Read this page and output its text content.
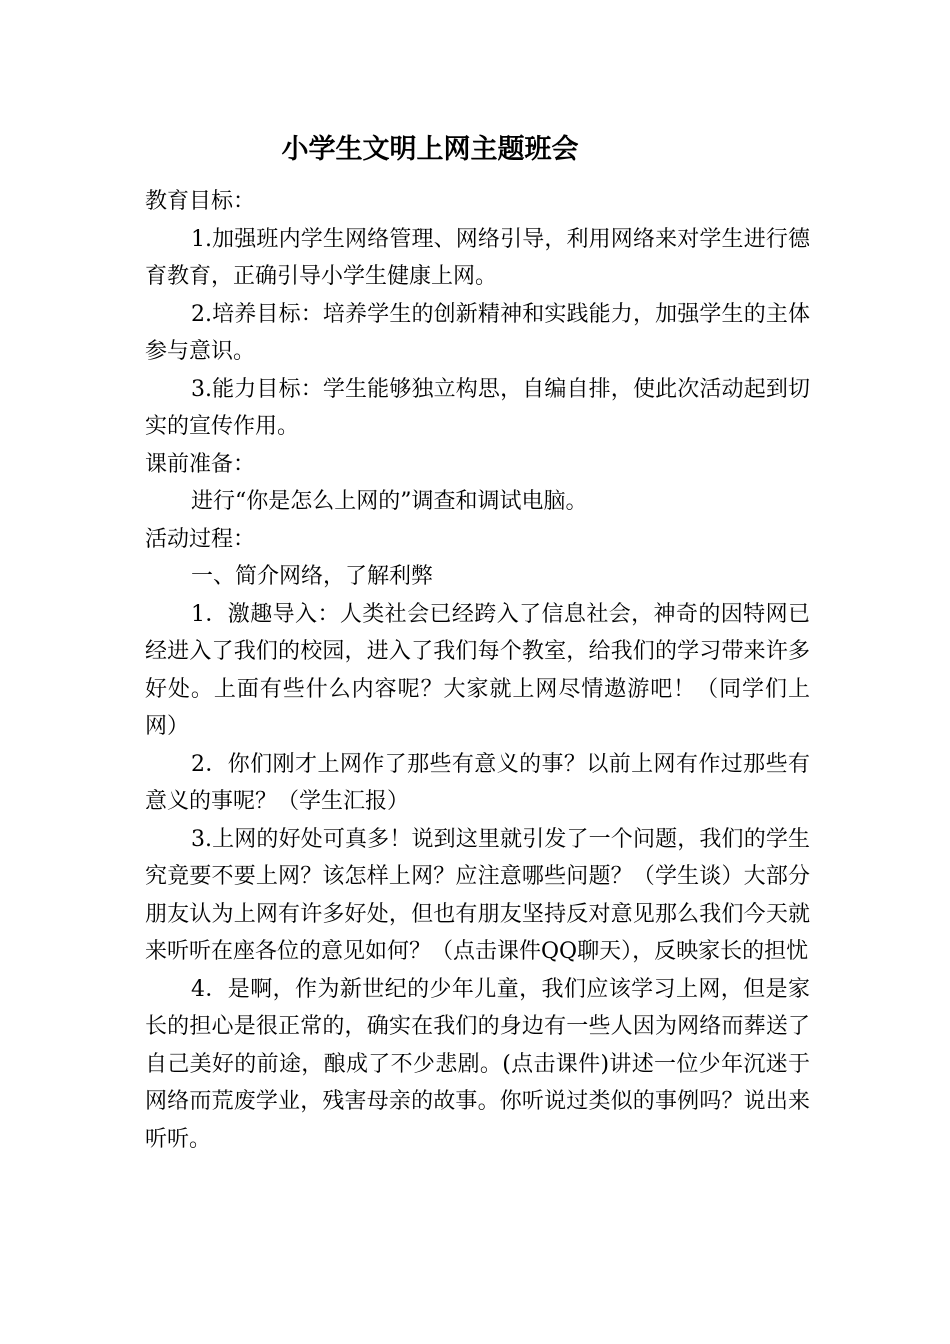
小学生文明上网主题班会

教育目标：

1.加强班内学生网络管理、网络引导，利用网络来对学生进行德育教育，正确引导小学生健康上网。

2.培养目标：培养学生的创新精神和实践能力，加强学生的主体参与意识。

3.能力目标：学生能够独立构思，自编自排，使此次活动起到切实的宣传作用。

课前准备：

进行“你是怎么上网的”调查和调试电脑。

活动过程：

一、简介网络，了解利弊

1．激趣导入：人类社会已经跨入了信息社会，神奇的因特网已经进入了我们的校园，进入了我们每个教室，给我们的学习带来许多好处。上面有些什么内容呢？大家就上网尽情遨游吧！（同学们上网）

2．你们刚才上网作了那些有意义的事？以前上网有作过那些有意义的事呢？（学生汇报）

3.上网的好处可真多！说到这里就引发了一个问题，我们的学生究竟要不要上网？该怎样上网？应注意哪些问题？（学生谈）大部分朋友认为上网有许多好处，但也有朋友坚持反对意见那么我们今天就来听听在座各位的意见如何？（点击课件QQ聊天），反映家长的担忧

4．是啊，作为新世纪的少年儿童，我们应该学习上网，但是家长的担心是很正常的，确实在我们的身边有一些人因为网络而葬送了自己美好的前途，酿成了不少悲剧。(点击课件)讲述一位少年沉迷于网络而荒废学业，残害母亲的故事。你听说过类似的事例吗？说出来听听。
